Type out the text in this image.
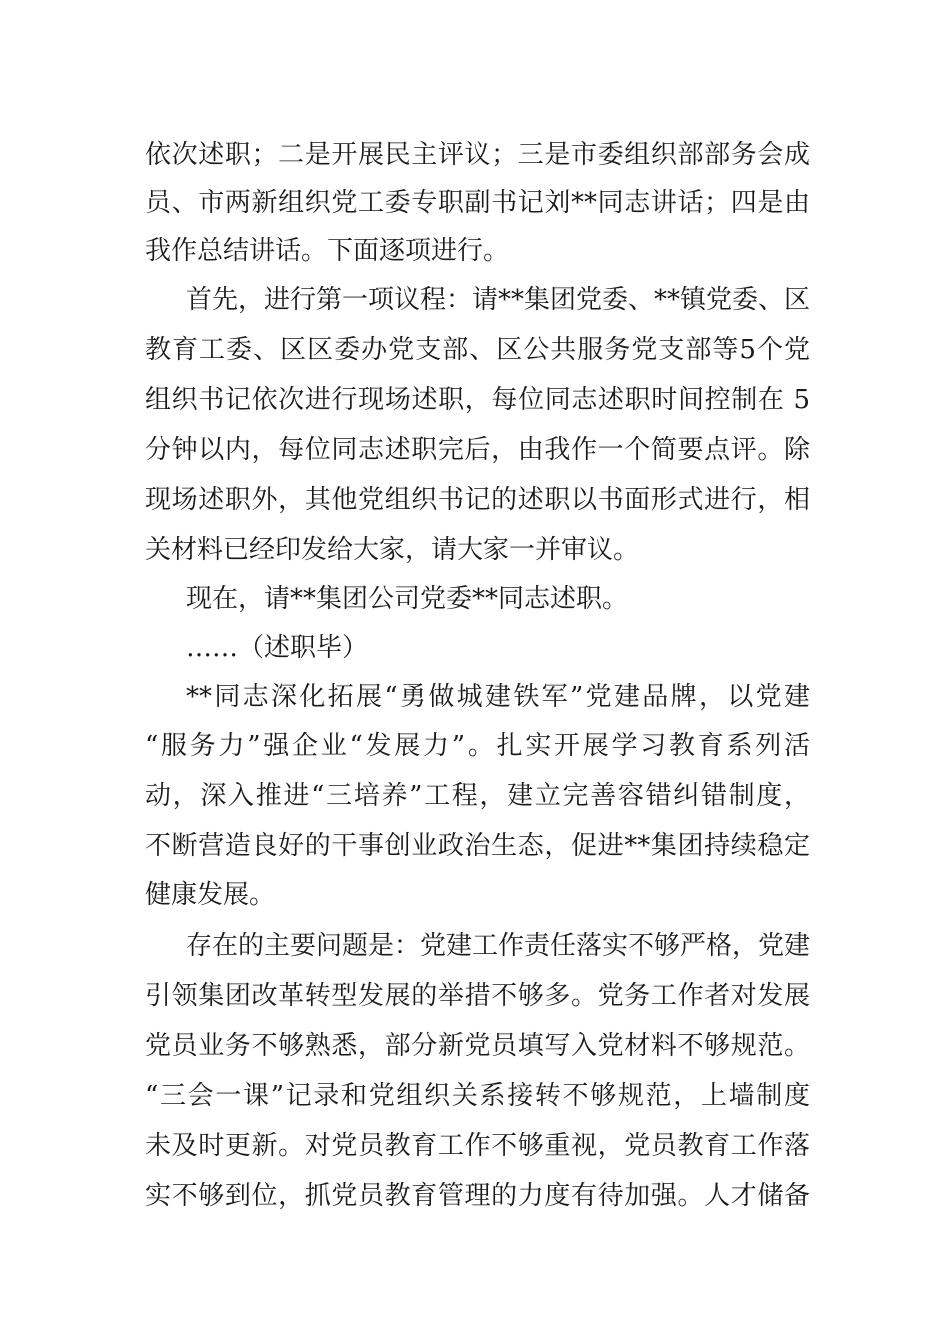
依次述职；二是开展民主评议；三是市委组织部部务会成
员、市两新组织党工委专职副书记刘**同志讲话；四是由
我作总结讲话。下面逐项进行。
首先，进行第一项议程：请**集团党委、**镇党委、区
教育工委、区区委办党支部、区公共服务党支部等5个党
组织书记依次进行现场述职，每位同志述职时间控制在 5
分钟以内，每位同志述职完后，由我作一个简要点评。除
现场述职外，其他党组织书记的述职以书面形式进行，相
关材料已经印发给大家，请大家一并审议。
现在，请**集团公司党委**同志述职。
……（述职毕）
**同志深化拓展“勇做城建铁军”党建品牌，以党建
“服务力”强企业“发展力”。扎实开展学习教育系列活
动，深入推进“三培养”工程，建立完善容错纠错制度，
不断营造良好的干事创业政治生态，促进**集团持续稳定
健康发展。
存在的主要问题是：党建工作责任落实不够严格，党建
引领集团改革转型发展的举措不够多。党务工作者对发展
党员业务不够熟悉，部分新党员填写入党材料不够规范。
“三会一课”记录和党组织关系接转不够规范，上墙制度
未及时更新。对党员教育工作不够重视，党员教育工作落
实不够到位，抓党员教育管理的力度有待加强。人才储备
